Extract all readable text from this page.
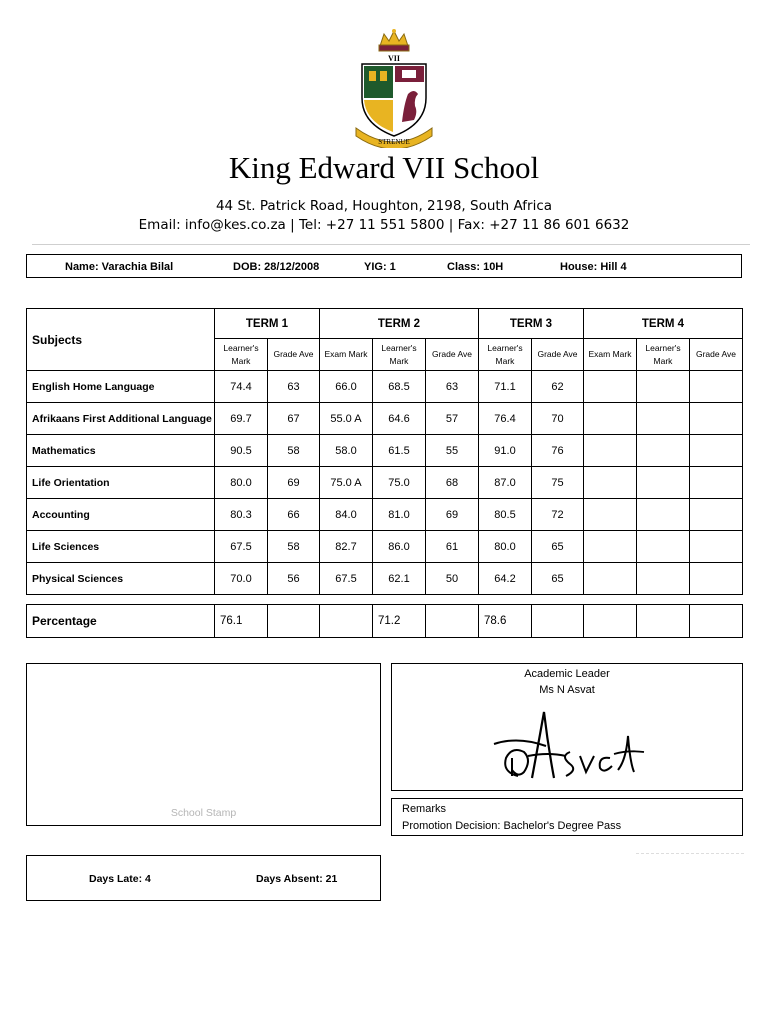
VII
STRENUE
King Edward VII School
44 St. Patrick Road, Houghton, 2198, South Africa
Email: info@kes.co.za | Tel: +27 11 551 5800 | Fax: +27 11 86 601 6632
Name: Varachia Bilal	DOB: 28/12/2008	YIG: 1	Class: 10H	House: Hill 4
Subjects	TERM 1		TERM 2			TERM 3		TERM 4		
	Learner's Mark	Grade Ave	Exam Mark	Learner's Mark	Grade Ave	Learner's Mark	Grade Ave	Exam Mark	Learner's Mark	Grade Ave
English Home Language	74.4	63	66.0	68.5	63	71.1	62			
Afrikaans First Additional Language	69.7	67	55.0 A	64.6	57	76.4	70			
Mathematics	90.5	58	58.0	61.5	55	91.0	76			
Life Orientation	80.0	69	75.0 A	75.0	68	87.0	75			
Accounting	80.3	66	84.0	81.0	69	80.5	72			
Life Sciences	67.5	58	82.7	86.0	61	80.0	65			
Physical Sciences	70.0	56	67.5	62.1	50	64.2	65			
Percentage	76.1			71.2		78.6				
School Stamp
Academic Leader
Ms N Asvat
Remarks
Promotion Decision: Bachelor's Degree Pass
Days Late: 4	Days Absent: 21
